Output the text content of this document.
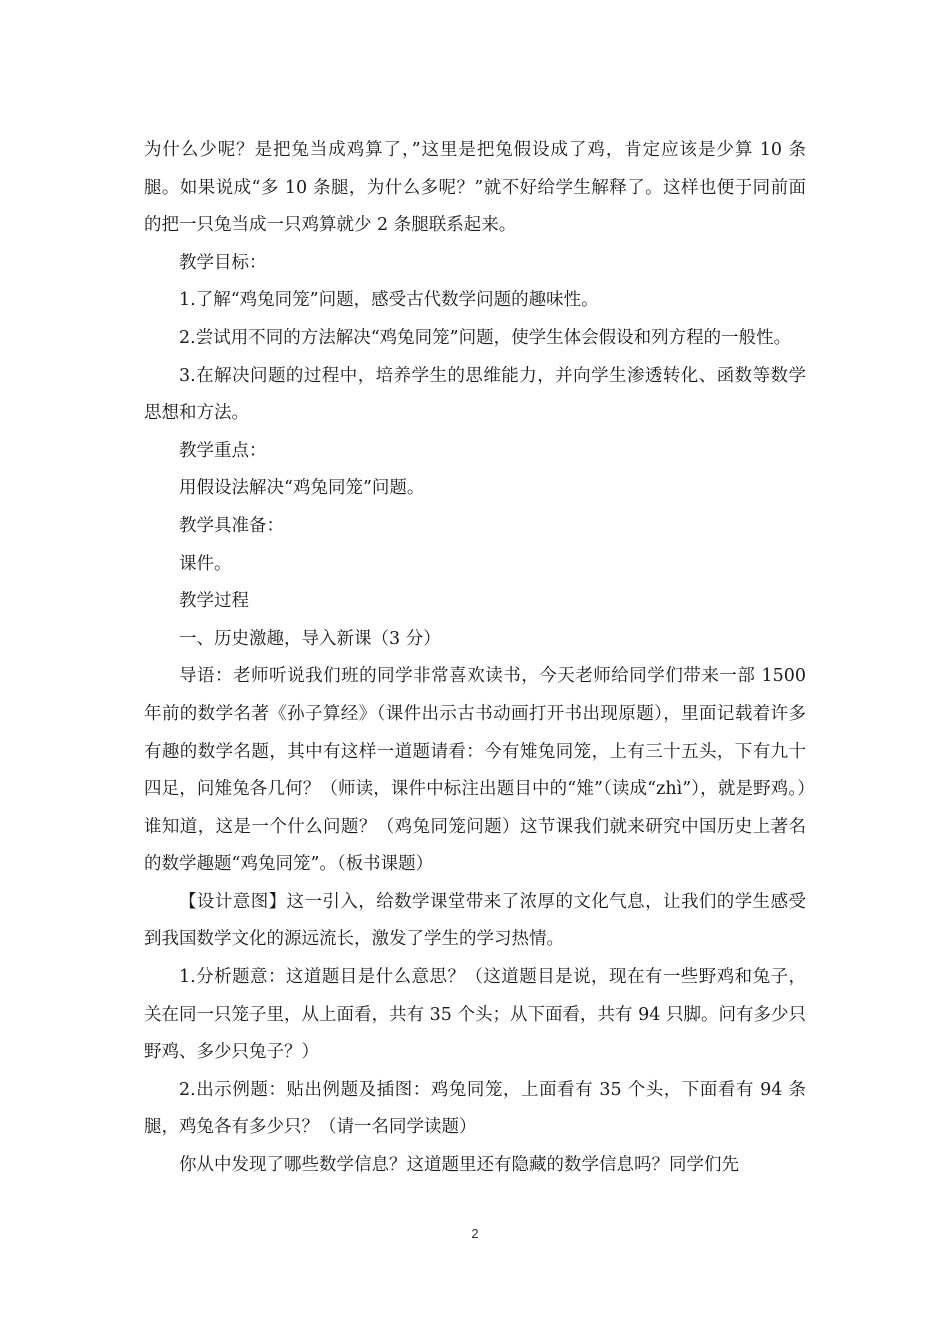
为什么少呢？是把兔当成鸡算了，”这里是把兔假设成了鸡，肯定应该是少算 10 条腿。如果说成“多 10 条腿，为什么多呢？”就不好给学生解释了。这样也便于同前面的把一只兔当成一只鸡算就少 2 条腿联系起来。

教学目标：

1.了解“鸡兔同笼”问题，感受古代数学问题的趣味性。

2.尝试用不同的方法解决“鸡兔同笼”问题，使学生体会假设和列方程的一般性。

3.在解决问题的过程中，培养学生的思维能力，并向学生渗透转化、函数等数学思想和方法。

教学重点：

用假设法解决“鸡兔同笼”问题。

教学具准备：

课件。

教学过程

一、历史激趣，导入新课（3 分）

导语：老师听说我们班的同学非常喜欢读书，今天老师给同学们带来一部 1500 年前的数学名著《孙子算经》（课件出示古书动画打开书出现原题），里面记载着许多有趣的数学名题，其中有这样一道题请看：今有雉兔同笼，上有三十五头，下有九十四足，问雉兔各几何？（师读，课件中标注出题目中的“雉”（读成“zhì”），就是野鸡。）谁知道，这是一个什么问题？（鸡兔同笼问题）这节课我们就来研究中国历史上著名的数学趣题“鸡兔同笼”。（板书课题）

【设计意图】这一引入，给数学课堂带来了浓厚的文化气息，让我们的学生感受到我国数学文化的源远流长，激发了学生的学习热情。

1.分析题意：这道题目是什么意思？（这道题目是说，现在有一些野鸡和兔子，关在同一只笼子里，从上面看，共有 35 个头；从下面看，共有 94 只脚。问有多少只野鸡、多少只兔子？）

2.出示例题：贴出例题及插图：鸡兔同笼，上面看有 35 个头，下面看有 94 条腿，鸡兔各有多少只？（请一名同学读题）

你从中发现了哪些数学信息？这道题里还有隐藏的数学信息吗？同学们先

2
